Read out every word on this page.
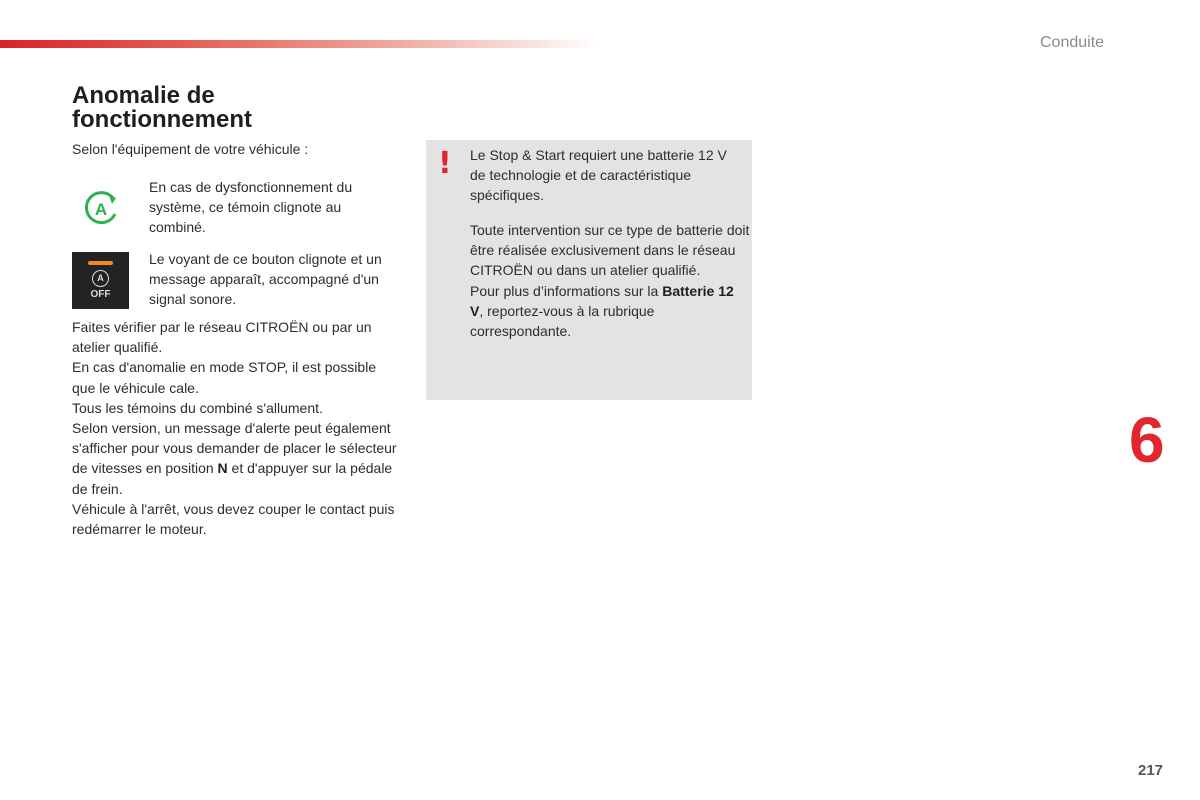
Conduite
Anomalie de fonctionnement
Selon l'équipement de votre véhicule :
A
En cas de dysfonctionnement du système, ce témoin clignote au combiné.
A
OFF
Le voyant de ce bouton clignote et un message apparaît, accompagné d'un signal sonore.

Faites vérifier par le réseau CITROËN ou par un atelier qualifié.

En cas d'anomalie en mode STOP, il est possible que le véhicule cale.

Tous les témoins du combiné s'allument.

Selon version, un message d'alerte peut également s'afficher pour vous demander de placer le sélecteur de vitesses en position N et d'appuyer sur la pédale de frein.

Véhicule à l'arrêt, vous devez couper le contact puis redémarrer le moteur.

! Le Stop & Start requiert une batterie 12 V de technologie et de caractéristique spécifiques.

Toute intervention sur ce type de batterie doit être réalisée exclusivement dans le réseau CITROËN ou dans un atelier qualifié.

Pour plus d’informations sur la Batterie 12 V, reportez-vous à la rubrique correspondante.

6
217
